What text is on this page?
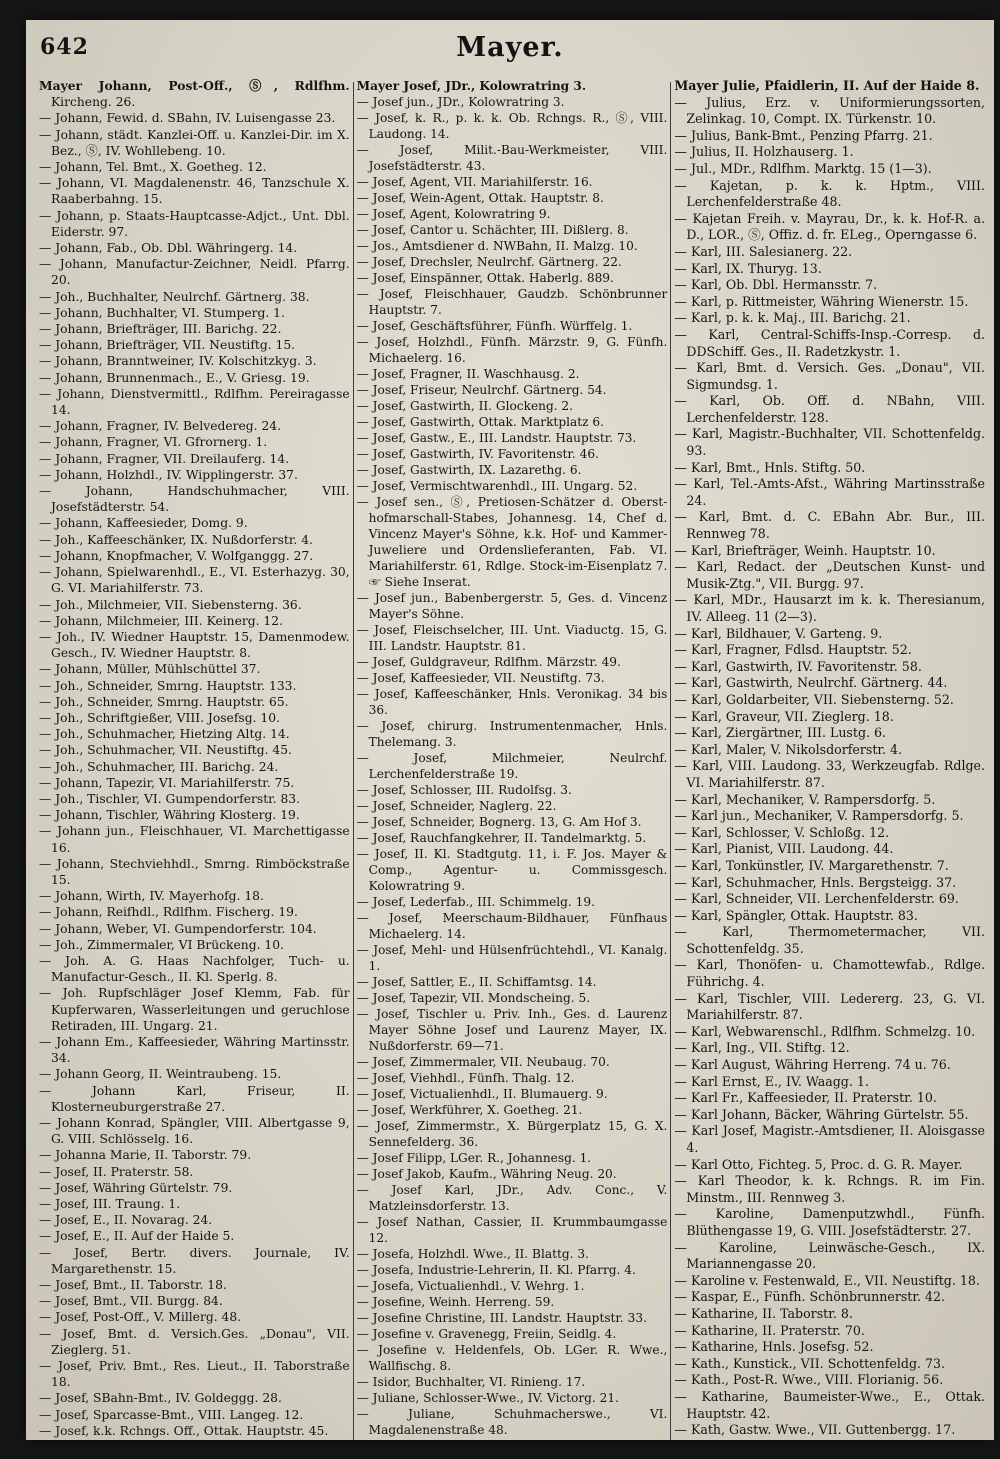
642	Mayer.
Mayer Johann, Post-Off., Ⓢ, Rdlfhm. Kircheng. 26.
— Johann, Fewid. d. SBahn, IV. Luisengasse 23.
— Johann, städt. Kanzlei-Off. u. Kanzlei-Dir. im X. Bez., Ⓢ, IV. Wohllebeng. 10.
— Johann, Tel. Bmt., X. Goetheg. 12.
— Johann, VI. Magdalenenstr. 46, Tanzschule X. Raaberbahng. 15.
— Johann, p. Staats-Hauptcasse-Adjct., Unt. Dbl. Eiderstr. 97.
— Johann, Fab., Ob. Dbl. Währingerg. 14.
— Johann, Manufactur-Zeichner, Neidl. Pfarrg. 20.
— Joh., Buchhalter, Neulrchf. Gärtnerg. 38.
— Johann, Buchhalter, VI. Stumperg. 1.
— Johann, Briefträger, III. Barichg. 22.
— Johann, Briefträger, VII. Neustiftg. 15.
— Johann, Branntweiner, IV. Kolschitzkyg. 3.
— Johann, Brunnenmach., E., V. Griesg. 19.
— Johann, Dienstvermittl., Rdlfhm. Pereiragasse 14.
— Johann, Fragner, IV. Belvedereg. 24.
— Johann, Fragner, VI. Gfrornerg. 1.
— Johann, Fragner, VII. Dreilauferg. 14.
— Johann, Holzhdl., IV. Wipplingerstr. 37.
— Johann, Handschuhmacher, VIII. Josefstädterstr. 54.
— Johann, Kaffeesieder, Domg. 9.
— Joh., Kaffeeschänker, IX. Nußdorferstr. 4.
— Johann, Knopfmacher, V. Wolfganggg. 27.
— Johann, Spielwarenhdl., E., VI. Esterhazyg. 30, G. VI. Mariahilferstr. 73.
— Joh., Milchmeier, VII. Siebensterng. 36.
— Johann, Milchmeier, III. Keinerg. 12.
— Joh., IV. Wiedner Hauptstr. 15, Damenmodew. Gesch., IV. Wiedner Hauptstr. 8.
— Johann, Müller, Mühlschüttel 37.
— Joh., Schneider, Smrng. Hauptstr. 133.
— Joh., Schneider, Smrng. Hauptstr. 65.
— Joh., Schriftgießer, VIII. Josefsg. 10.
— Joh., Schuhmacher, Hietzing Altg. 14.
— Joh., Schuhmacher, VII. Neustiftg. 45.
— Joh., Schuhmacher, III. Barichg. 24.
— Johann, Tapezir, VI. Mariahilferstr. 75.
— Joh., Tischler, VI. Gumpendorferstr. 83.
— Johann, Tischler, Währing Klosterg. 19.
— Johann jun., Fleischhauer, VI. Marchettigasse 16.
— Johann, Stechviehhdl., Smrng. Rimböckstraße 15.
— Johann, Wirth, IV. Mayerhofg. 18.
— Johann, Reifhdl., Rdlfhm. Fischerg. 19.
— Johann, Weber, VI. Gumpendorferstr. 104.
— Joh., Zimmermaler, VI Brückeng. 10.
— Joh. A. G. Haas Nachfolger, Tuch- u. Manufactur-Gesch., II. Kl. Sperlg. 8.
— Joh. Rupfschläger Josef Klemm, Fab. für Kupferwaren, Wasserleitungen und geruchlose Retiraden, III. Ungarg. 21.
— Johann Em., Kaffeesieder, Währing Martinsstr. 34.
— Johann Georg, II. Weintraubeng. 15.
— Johann Karl, Friseur, II. Klosterneuburgerstraße 27.
— Johann Konrad, Spängler, VIII. Albertgasse 9, G. VIII. Schlösselg. 16.
— Johanna Marie, II. Taborstr. 79.
— Josef, II. Praterstr. 58.
— Josef, Währing Gürtelstr. 79.
— Josef, III. Traung. 1.
— Josef, E., II. Novarag. 24.
— Josef, E., II. Auf der Haide 5.
— Josef, Bertr. divers. Journale, IV. Margarethenstr. 15.
— Josef, Bmt., II. Taborstr. 18.
— Josef, Bmt., VII. Burgg. 84.
— Josef, Post-Off., V. Millerg. 48.
— Josef, Bmt. d. Versich.Ges. „Donau", VII. Zieglerg. 51.
— Josef, Priv. Bmt., Res. Lieut., II. Taborstraße 18.
— Josef, SBahn-Bmt., IV. Goldeggg. 28.
— Josef, Sparcasse-Bmt., VIII. Langeg. 12.
— Josef, k.k. Rchngs. Off., Ottak. Hauptstr. 45.
Mayer Josef, JDr., Kolowratring 3.
— Josef jun., JDr., Kolowratring 3.
— Josef, k. R., p. k. k. Ob. Rchngs. R., Ⓢ, VIII. Laudong. 14.
— Josef, Milit.-Bau-Werkmeister, VIII. Josefstädterstr. 43.
— Josef, Agent, VII. Mariahilferstr. 16.
— Josef, Wein-Agent, Ottak. Hauptstr. 8.
— Josef, Agent, Kolowratring 9.
— Josef, Cantor u. Schächter, III. Dißlerg. 8.
— Jos., Amtsdiener d. NWBahn, II. Malzg. 10.
— Josef, Drechsler, Neulrchf. Gärtnerg. 22.
— Josef, Einspänner, Ottak. Haberlg. 889.
— Josef, Fleischhauer, Gaudzb. Schönbrunner Hauptstr. 7.
— Josef, Geschäftsführer, Fünfh. Würffelg. 1.
— Josef, Holzhdl., Fünfh. Märzstr. 9, G. Fünfh. Michaelerg. 16.
— Josef, Fragner, II. Waschhausg. 2.
— Josef, Friseur, Neulrchf. Gärtnerg. 54.
— Josef, Gastwirth, II. Glockeng. 2.
— Josef, Gastwirth, Ottak. Marktplatz 6.
— Josef, Gastw., E., III. Landstr. Hauptstr. 73.
— Josef, Gastwirth, IV. Favoritenstr. 46.
— Josef, Gastwirth, IX. Lazarethg. 6.
— Josef, Vermischtwarenhdl., III. Ungarg. 52.
— Josef sen., Ⓢ, Pretiosen-Schätzer d. Oberst-hofmarschall-Stabes, Johannesg. 14, Chef d. Vincenz Mayer's Söhne, k.k. Hof- und Kammer-Juweliere und Ordenslieferanten, Fab. VI. Mariahilferstr. 61, Rdlge. Stock-im-Eisenplatz 7. ☞ Siehe Inserat.
— Josef jun., Babenbergerstr. 5, Ges. d. Vincenz Mayer's Söhne.
— Josef, Fleischselcher, III. Unt. Viaductg. 15, G. III. Landstr. Hauptstr. 81.
— Josef, Guldgraveur, Rdlfhm. Märzstr. 49.
— Josef, Kaffeesieder, VII. Neustiftg. 73.
— Josef, Kaffeeschänker, Hnls. Veronikag. 34 bis 36.
— Josef, chirurg. Instrumentenmacher, Hnls. Thelemang. 3.
— Josef, Milchmeier, Neulrchf. Lerchenfelderstraße 19.
— Josef, Schlosser, III. Rudolfsg. 3.
— Josef, Schneider, Naglerg. 22.
— Josef, Schneider, Bognerg. 13, G. Am Hof 3.
— Josef, Rauchfangkehrer, II. Tandelmarktg. 5.
— Josef, II. Kl. Stadtgutg. 11, i. F. Jos. Mayer & Comp., Agentur- u. Commissgesch. Kolowratring 9.
— Josef, Lederfab., III. Schimmelg. 19.
— Josef, Meerschaum-Bildhauer, Fünfhaus Michaelerg. 14.
— Josef, Mehl- und Hülsenfrüchtehdl., VI. Kanalg. 1.
— Josef, Sattler, E., II. Schiffamtsg. 14.
— Josef, Tapezir, VII. Mondscheing. 5.
— Josef, Tischler u. Priv. Inh., Ges. d. Laurenz Mayer Söhne Josef und Laurenz Mayer, IX. Nußdorferstr. 69—71.
— Josef, Zimmermaler, VII. Neubaug. 70.
— Josef, Viehhdl., Fünfh. Thalg. 12.
— Josef, Victualienhdl., II. Blumauerg. 9.
— Josef, Werkführer, X. Goetheg. 21.
— Josef, Zimmermstr., X. Bürgerplatz 15, G. X. Sennefelderg. 36.
— Josef Filipp, LGer. R., Johannesg. 1.
— Josef Jakob, Kaufm., Währing Neug. 20.
— Josef Karl, JDr., Adv. Conc., V. Matzleinsdorferstr. 13.
— Josef Nathan, Cassier, II. Krummbaumgasse 12.
— Josefa, Holzhdl. Wwe., II. Blattg. 3.
— Josefa, Industrie-Lehrerin, II. Kl. Pfarrg. 4.
— Josefa, Victualienhdl., V. Wehrg. 1.
— Josefine, Weinh. Herreng. 59.
— Josefine Christine, III. Landstr. Hauptstr. 33.
— Josefine v. Gravenegg, Freiin, Seidlg. 4.
— Josefine v. Heldenfels, Ob. LGer. R. Wwe., Wallfischg. 8.
— Isidor, Buchhalter, VI. Rinieng. 17.
— Juliane, Schlosser-Wwe., IV. Victorg. 21.
— Juliane, Schuhmacherswe., VI. Magdalenenstraße 48.
Mayer Julie, Pfaidlerin, II. Auf der Haide 8.
— Julius, Erz. v. Uniformierungssorten, Zelinkag. 10, Compt. IX. Türkenstr. 10.
— Julius, Bank-Bmt., Penzing Pfarrg. 21.
— Julius, II. Holzhauserg. 1.
— Jul., MDr., Rdlfhm. Marktg. 15 (1—3).
— Kajetan, p. k. k. Hptm., VIII. Lerchenfelderstraße 48.
— Kajetan Freih. v. Mayrau, Dr., k. k. Hof-R. a. D., LOR., Ⓢ, Offiz. d. fr. ELeg., Operngasse 6.
— Karl, III. Salesianerg. 22.
— Karl, IX. Thuryg. 13.
— Karl, Ob. Dbl. Hermansstr. 7.
— Karl, p. Rittmeister, Währing Wienerstr. 15.
— Karl, p. k. k. Maj., III. Barichg. 21.
— Karl, Central-Schiffs-Insp.-Corresp. d. DDSchiff. Ges., II. Radetzkystr. 1.
— Karl, Bmt. d. Versich. Ges. „Donau", VII. Sigmundsg. 1.
— Karl, Ob. Off. d. NBahn, VIII. Lerchenfelderstr. 128.
— Karl, Magistr.-Buchhalter, VII. Schottenfeldg. 93.
— Karl, Bmt., Hnls. Stiftg. 50.
— Karl, Tel.-Amts-Afst., Währing Martinsstraße 24.
— Karl, Bmt. d. C. EBahn Abr. Bur., III. Rennweg 78.
— Karl, Briefträger, Weinh. Hauptstr. 10.
— Karl, Redact. der „Deutschen Kunst- und Musik-Ztg.", VII. Burgg. 97.
— Karl, MDr., Hausarzt im k. k. Theresianum, IV. Alleeg. 11 (2—3).
— Karl, Bildhauer, V. Garteng. 9.
— Karl, Fragner, Fdlsd. Hauptstr. 52.
— Karl, Gastwirth, IV. Favoritenstr. 58.
— Karl, Gastwirth, Neulrchf. Gärtnerg. 44.
— Karl, Goldarbeiter, VII. Siebensterng. 52.
— Karl, Graveur, VII. Zieglerg. 18.
— Karl, Ziergärtner, III. Lustg. 6.
— Karl, Maler, V. Nikolsdorferstr. 4.
— Karl, VIII. Laudong. 33, Werkzeugfab. Rdlge. VI. Mariahilferstr. 87.
— Karl, Mechaniker, V. Rampersdorfg. 5.
— Karl jun., Mechaniker, V. Rampersdorfg. 5.
— Karl, Schlosser, V. Schloßg. 12.
— Karl, Pianist, VIII. Laudong. 44.
— Karl, Tonkünstler, IV. Margarethenstr. 7.
— Karl, Schuhmacher, Hnls. Bergsteigg. 37.
— Karl, Schneider, VII. Lerchenfelderstr. 69.
— Karl, Spängler, Ottak. Hauptstr. 83.
— Karl, Thermometermacher, VII. Schottenfeldg. 35.
— Karl, Thonöfen- u. Chamottewfab., Rdlge. Führichg. 4.
— Karl, Tischler, VIII. Ledererg. 23, G. VI. Mariahilferstr. 87.
— Karl, Webwarenschl., Rdlfhm. Schmelzg. 10.
— Karl, Ing., VII. Stiftg. 12.
— Karl August, Währing Herreng. 74 u. 76.
— Karl Ernst, E., IV. Waagg. 1.
— Karl Fr., Kaffeesieder, II. Praterstr. 10.
— Karl Johann, Bäcker, Währing Gürtelstr. 55.
— Karl Josef, Magistr.-Amtsdiener, II. Aloisgasse 4.
— Karl Otto, Fichteg. 5, Proc. d. G. R. Mayer.
— Karl Theodor, k. k. Rchngs. R. im Fin. Minstm., III. Rennweg 3.
— Karoline, Damenputzwhdl., Fünfh. Blüthengasse 19, G. VIII. Josefstädterstr. 27.
— Karoline, Leinwäsche-Gesch., IX. Mariannengasse 20.
— Karoline v. Festenwald, E., VII. Neustiftg. 18.
— Kaspar, E., Fünfh. Schönbrunnerstr. 42.
— Katharine, II. Taborstr. 8.
— Katharine, II. Praterstr. 70.
— Katharine, Hnls. Josefsg. 52.
— Kath., Kunstick., VII. Schottenfeldg. 73.
— Kath., Post-R. Wwe., VIII. Florianig. 56.
— Katharine, Baumeister-Wwe., E., Ottak. Hauptstr. 42.
— Kath, Gastw. Wwe., VII. Guttenbergg. 17.
